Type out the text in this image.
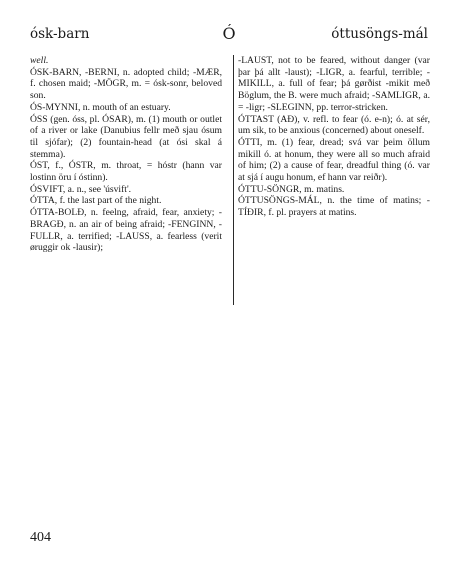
ósk-barn	Ó	óttusöngs-mál

well.

ÓSK-BARN, -BERNI, n. adopted child; -MÆR, f. chosen maid; -MÖGR, m. = ósk-sonr, beloved son.

ÓS-MYNNI, n. mouth of an estuary.

ÓSS (gen. óss, pl. ÓSAR), m. (1) mouth or outlet of a river or lake (Danubius fellr með sjau ósum til sjófar); (2) fountain-head (at ósi skal á stemma).

ÓST, f., ÓSTR, m. throat, = hóstr (hann var lostinn öru í óstinn).

ÓSVIFT, a. n., see 'úsvift'.

ÓTTA, f. the last part of the night.

ÓTTA-BOLÐ, n. feelng, afraid, fear, anxiety; -BRAGÐ, n. an air of being afraid; -FENGINN, -FULLR, a. terrified; -LAUSS, a. fearless (verit øruggir ok -lausir);

-LAUST, not to be feared, without danger (var þar þá allt -laust); -LIGR, a. fearful, terrible; -MIKILL, a. full of fear; þá gørðist -mikit með Böglum, the B. were much afraid; -SAMLIGR, a. = -ligr; -SLEGINN, pp. terror-stricken.

ÓTTAST (AÐ), v. refl. to fear (ó. e-n); ó. at sér, um sik, to be anxious (concerned) about oneself.

ÓTTI, m. (1) fear, dread; svá var þeim öllum mikill ó. at honum, they were all so much afraid of him; (2) a cause of fear, dreadful thing (ó. var at sjá í augu honum, ef hann var reiðr).

ÓTTU-SÖNGR, m. matins.

ÓTTUSÖNGS-MÁL, n. the time of matins; -TÍÐIR, f. pl. prayers at matins.

404
